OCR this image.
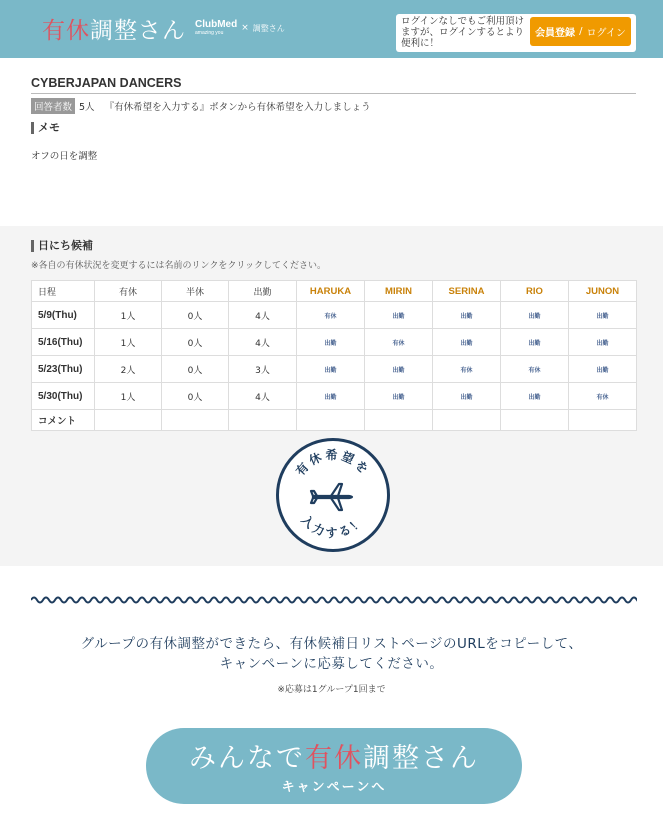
有休調整さん ClubMed
amazing you	× 調整さん
ログインなしでもご利用頂けますが、ログインするとより便利に！
会員登録 / ログイン
CYBERJAPAN DANCERS
回答者数 5人 『有休希望を入力する』ボタンから有休希望を入力しましょう
メモ
オフの日を調整
日にち候補
※各自の有休状況を変更するには名前のリンクをクリックしてください。
日程	有休	半休	出勤	HARUKA	MIRIN	SERINA	RIO	JUNON
5/9(Thu)	1人	0人	4人	有休	出勤	出勤	出勤	出勤
5/16(Thu)	1人	0人	4人	出勤	有休	出勤	出勤	出勤
5/23(Thu)	2人	0人	3人	出勤	出勤	有休	有休	出勤
5/30(Thu)	1人	0人	4人	出勤	出勤	出勤	出勤	有休
コメント								
有休希望を
入力する！
グループの有休調整ができたら、有休候補日リストページのURLをコピーして、
キャンペーンに応募してください。
※応募は1グループ1回まで
みんなで有休調整さん
キャンペーンへ
